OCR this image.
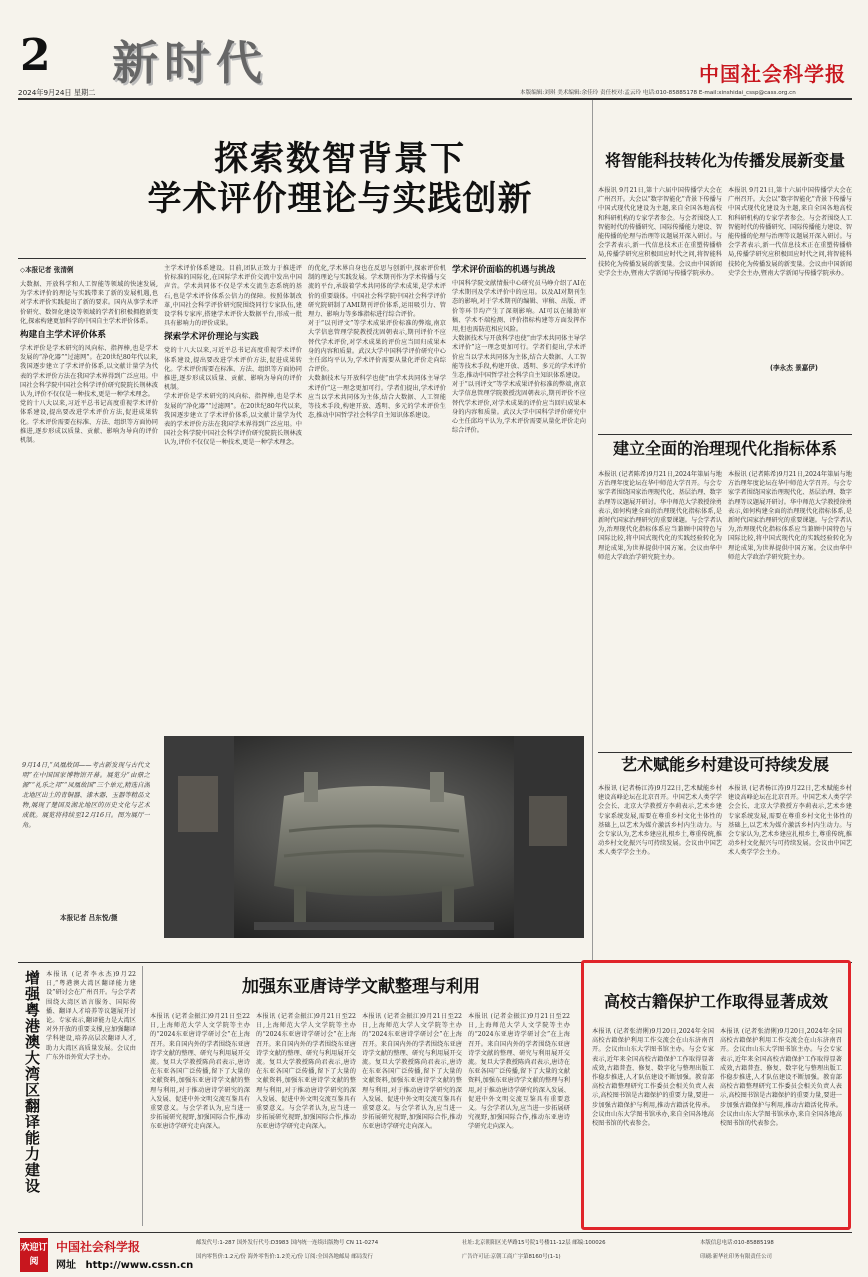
2 新时代
2024年9月24日 星期二	本版编辑:刘琪 美术编辑:余佳玲 责任校对:孟云玲 电话:010-85885178 E-mail:xinshidai_cssp@cass.org.cn
中国社会科学报
探索数智背景下
学术评价理论与实践创新
◇本报记者 张清俐
大数据、开放科学和人工智能等领域的快速发展,为学术评价的理论与实践带来了新的发展机遇,也对学术评价实践提出了新的要求。国内从事学术评价研究、数智化建设等领域的学者们积极拥抱新变化,探索构建更加科学的中国自主学术评价体系。
构建自主学术评价体系
学术评价是学术研究的风向标、指挥棒,也是学术发展的“净化器”“过滤网”。在20世纪80年代以来,我国逐步建立了学术评价体系,以文献计量学为代表的学术评价方法在我国学术界得到广泛应用。中国社会科学院中国社会科学评价研究院院长荆林波认为,评价不仅仅是一种技术,更是一种学术理念。
党的十八大以来,习近平总书记高度重视学术评价体系建设,提出要改进学术评价方法,促进成果转化。学术评价需要在标准、方法、组织等方面协同推进,逐步形成以质量、贡献、影响为导向的评价机制。
主学术评价体系建设。目前,团队正致力于推进评价标准的国际化,在国际学术评价交流中发出中国声音。学术共同体不仅是学术交流生态系统的基石,也是学术评价体系公信力的保障。按照体制改革,中国社会科学评价研究院围绕同行专家队伍,建设学科专家库,搭建学术评价大数据平台,形成一批具有影响力的评价成果。
探索学术评价理论与实践
党的十八大以来,习近平总书记高度重视学术评价体系建设,提出要改进学术评价方法,促进成果转化。学术评价需要在标准、方法、组织等方面协同推进,逐步形成以质量、贡献、影响为导向的评价机制。
学术评价是学术研究的风向标、指挥棒,也是学术发展的“净化器”“过滤网”。在20世纪80年代以来,我国逐步建立了学术评价体系,以文献计量学为代表的学术评价方法在我国学术界得到广泛应用。中国社会科学院中国社会科学评价研究院院长荆林波认为,评价不仅仅是一种技术,更是一种学术理念。
的优化,学术界自身也在反思与创新中,探索评价机制的理论与实践发展。学术期刊作为学术传播与交流的平台,承载着学术共同体的学术成果,是学术评价的重要载体。中国社会科学院中国社会科学评价研究院研制了AMI期刊评价体系,运用吸引力、管理力、影响力等多维指标进行综合评价。
对于“以刊评文”等学术成果评价标准的弊端,南京大学信息管理学院教授沈固朝表示,期刊评价不应替代学术评价,对学术成果的评价应当回归成果本身的内容和质量。武汉大学中国科学评价研究中心主任邱均平认为,学术评价需要从量化评价走向综合评价。
大数据技术与开放科学也使“由学术共同体主导学术评价”这一理念更加可行。学者们提出,学术评价应当以学术共同体为主体,结合大数据、人工智能等技术手段,构建开放、透明、多元的学术评价生态,推动中国哲学社会科学自主知识体系建设。
学术评价面临的机遇与挑战
中国科学院文献情报中心研究员马峥介绍了AI在学术期刊及学术评价中的应用。以及AI对期刊生态的影响,对于学术期刊的编辑、审稿、出版、评价等环节均产生了深刻影响。AI可以在辅助审稿、学术不端检测、评价指标构建等方面发挥作用,但也需防范相应风险。
大数据技术与开放科学也使“由学术共同体主导学术评价”这一理念更加可行。学者们提出,学术评价应当以学术共同体为主体,结合大数据、人工智能等技术手段,构建开放、透明、多元的学术评价生态,推动中国哲学社会科学自主知识体系建设。
对于“以刊评文”等学术成果评价标准的弊端,南京大学信息管理学院教授沈固朝表示,期刊评价不应替代学术评价,对学术成果的评价应当回归成果本身的内容和质量。武汉大学中国科学评价研究中心主任邱均平认为,学术评价需要从量化评价走向综合评价。
9月14日,“凤凰故国——考古新发现与古代文明”在中国国家博物馆开幕。展览分“由鼎之源”“礼乐之邦”“凤凰故国”三个单元,精选自湖北地区出土的青铜器、漆木器、玉器等精品文物,展现了楚国及湖北地区的历史文化与艺术成就。展览将持续至12月16日。图为展厅一角。
本报记者 吕东悦/摄
将智能科技转化为传播发展新变量
本报讯 9月21日,第十六届中国传播学大会在广州召开。大会以“数字智能化”背景下传播与中国式现代化建设为主题,来自全国各地高校和科研机构的专家学者参会。与会者围绕人工智能时代的传播研究、国际传播能力建设、智能传播的伦理与治理等议题展开深入研讨。与会学者表示,新一代信息技术正在重塑传播格局,传播学研究应积极回应时代之问,将智能科技转化为传播发展的新变量。会议由中国新闻史学会主办,暨南大学新闻与传播学院承办。
本报讯 9月21日,第十六届中国传播学大会在广州召开。大会以“数字智能化”背景下传播与中国式现代化建设为主题,来自全国各地高校和科研机构的专家学者参会。与会者围绕人工智能时代的传播研究、国际传播能力建设、智能传播的伦理与治理等议题展开深入研讨。与会学者表示,新一代信息技术正在重塑传播格局,传播学研究应积极回应时代之问,将智能科技转化为传播发展的新变量。会议由中国新闻史学会主办,暨南大学新闻与传播学院承办。
(李永杰 景嘉伊)
建立全面的治理现代化指标体系
本报讯 (记者陈希)9月21日,2024年第届与地方治理年度论坛在华中师范大学召开。与会专家学者围绕国家治理现代化、基层治理、数字治理等议题展开研讨。华中师范大学教授徐勇表示,如何构建全面的治理现代化指标体系,是新时代国家治理研究的重要课题。与会学者认为,治理现代化指标体系应当兼顾中国特色与国际比较,将中国式现代化的实践经验转化为理论成果,为世界提供中国方案。会议由华中师范大学政治学研究院主办。
本报讯 (记者陈希)9月21日,2024年第届与地方治理年度论坛在华中师范大学召开。与会专家学者围绕国家治理现代化、基层治理、数字治理等议题展开研讨。华中师范大学教授徐勇表示,如何构建全面的治理现代化指标体系,是新时代国家治理研究的重要课题。与会学者认为,治理现代化指标体系应当兼顾中国特色与国际比较,将中国式现代化的实践经验转化为理论成果,为世界提供中国方案。会议由华中师范大学政治学研究院主办。
艺术赋能乡村建设可持续发展
本报讯 (记者杨江涛)9月22日,艺术赋能乡村建设高峰论坛在北京召开。中国艺术人类学学会会长、北京大学教授方李莉表示,艺术乡建专家系统发展,需要在尊重乡村文化主体性的基础上,以艺术为媒介激活乡村内生动力。与会专家认为,艺术乡建应扎根乡土,尊重传统,推动乡村文化振兴与可持续发展。会议由中国艺术人类学学会主办。
本报讯 (记者杨江涛)9月22日,艺术赋能乡村建设高峰论坛在北京召开。中国艺术人类学学会会长、北京大学教授方李莉表示,艺术乡建专家系统发展,需要在尊重乡村文化主体性的基础上,以艺术为媒介激活乡村内生动力。与会专家认为,艺术乡建应扎根乡土,尊重传统,推动乡村文化振兴与可持续发展。会议由中国艺术人类学学会主办。
增强粤港澳大湾区翻译能力建设 本报讯 (记者李永杰)9月22日,“粤港澳大湾区翻译能力建设”研讨会在广州召开。与会学者围绕大湾区语言服务、国际传播、翻译人才培养等议题展开讨论。专家表示,翻译能力是大湾区对外开放的重要支撑,应加强翻译学科建设,培养高层次翻译人才,助力大湾区高质量发展。会议由广东外语外贸大学主办。
加强东亚唐诗学文献整理与利用
本报讯 (记者金振江)9月21日至22日,上海师范大学人文学院等主办的“2024东亚唐诗学研讨会”在上海召开。来自国内外的学者围绕东亚唐诗学文献的整理、研究与利用展开交流。复旦大学教授陈尚君表示,唐诗在东亚各国广泛传播,留下了大量的文献资料,加强东亚唐诗学文献的整理与利用,对于推动唐诗学研究的深入发展、促进中外文明交流互鉴具有重要意义。与会学者认为,应当进一步拓展研究视野,加强国际合作,推动东亚唐诗学研究走向深入。
本报讯 (记者金振江)9月21日至22日,上海师范大学人文学院等主办的“2024东亚唐诗学研讨会”在上海召开。来自国内外的学者围绕东亚唐诗学文献的整理、研究与利用展开交流。复旦大学教授陈尚君表示,唐诗在东亚各国广泛传播,留下了大量的文献资料,加强东亚唐诗学文献的整理与利用,对于推动唐诗学研究的深入发展、促进中外文明交流互鉴具有重要意义。与会学者认为,应当进一步拓展研究视野,加强国际合作,推动东亚唐诗学研究走向深入。
本报讯 (记者金振江)9月21日至22日,上海师范大学人文学院等主办的“2024东亚唐诗学研讨会”在上海召开。来自国内外的学者围绕东亚唐诗学文献的整理、研究与利用展开交流。复旦大学教授陈尚君表示,唐诗在东亚各国广泛传播,留下了大量的文献资料,加强东亚唐诗学文献的整理与利用,对于推动唐诗学研究的深入发展、促进中外文明交流互鉴具有重要意义。与会学者认为,应当进一步拓展研究视野,加强国际合作,推动东亚唐诗学研究走向深入。
本报讯 (记者金振江)9月21日至22日,上海师范大学人文学院等主办的“2024东亚唐诗学研讨会”在上海召开。来自国内外的学者围绕东亚唐诗学文献的整理、研究与利用展开交流。复旦大学教授陈尚君表示,唐诗在东亚各国广泛传播,留下了大量的文献资料,加强东亚唐诗学文献的整理与利用,对于推动唐诗学研究的深入发展、促进中外文明交流互鉴具有重要意义。与会学者认为,应当进一步拓展研究视野,加强国际合作,推动东亚唐诗学研究走向深入。
高校古籍保护工作取得显著成效
本报讯 (记者张清俐)9月20日,2024年全国高校古籍保护利用工作交流会在山东济南召开。会议由山东大学图书馆主办。与会专家表示,近年来全国高校古籍保护工作取得显著成效,古籍普查、修复、数字化与整理出版工作稳步推进,人才队伍建设不断加强。教育部高校古籍整理研究工作委员会相关负责人表示,高校图书馆是古籍保护的重要力量,要进一步加强古籍保护与利用,推动古籍活化传承。会议由山东大学图书馆承办,来自全国各地高校图书馆的代表参会。
本报讯 (记者张清俐)9月20日,2024年全国高校古籍保护利用工作交流会在山东济南召开。会议由山东大学图书馆主办。与会专家表示,近年来全国高校古籍保护工作取得显著成效,古籍普查、修复、数字化与整理出版工作稳步推进,人才队伍建设不断加强。教育部高校古籍整理研究工作委员会相关负责人表示,高校图书馆是古籍保护的重要力量,要进一步加强古籍保护与利用,推动古籍活化传承。会议由山东大学图书馆承办,来自全国各地高校图书馆的代表参会。
欢迎订阅
中国社会科学报
网址 http://www.cssn.cn
邮发代号:1-287 国外发行代号:D3983 国内统一连续出版物号 CN 11-0274
国内零售价:1.2元/份 海外零售价:1.2美元/份 订阅:全国各地邮局 邮局发行
社址:北京朝阳区光华路15号院1号楼11-12层 邮编:100026
广告许可证:京朝工商广字第8160号(1-1)
本版信息电话:010-85885198
印刷:新华社印务有限责任公司
